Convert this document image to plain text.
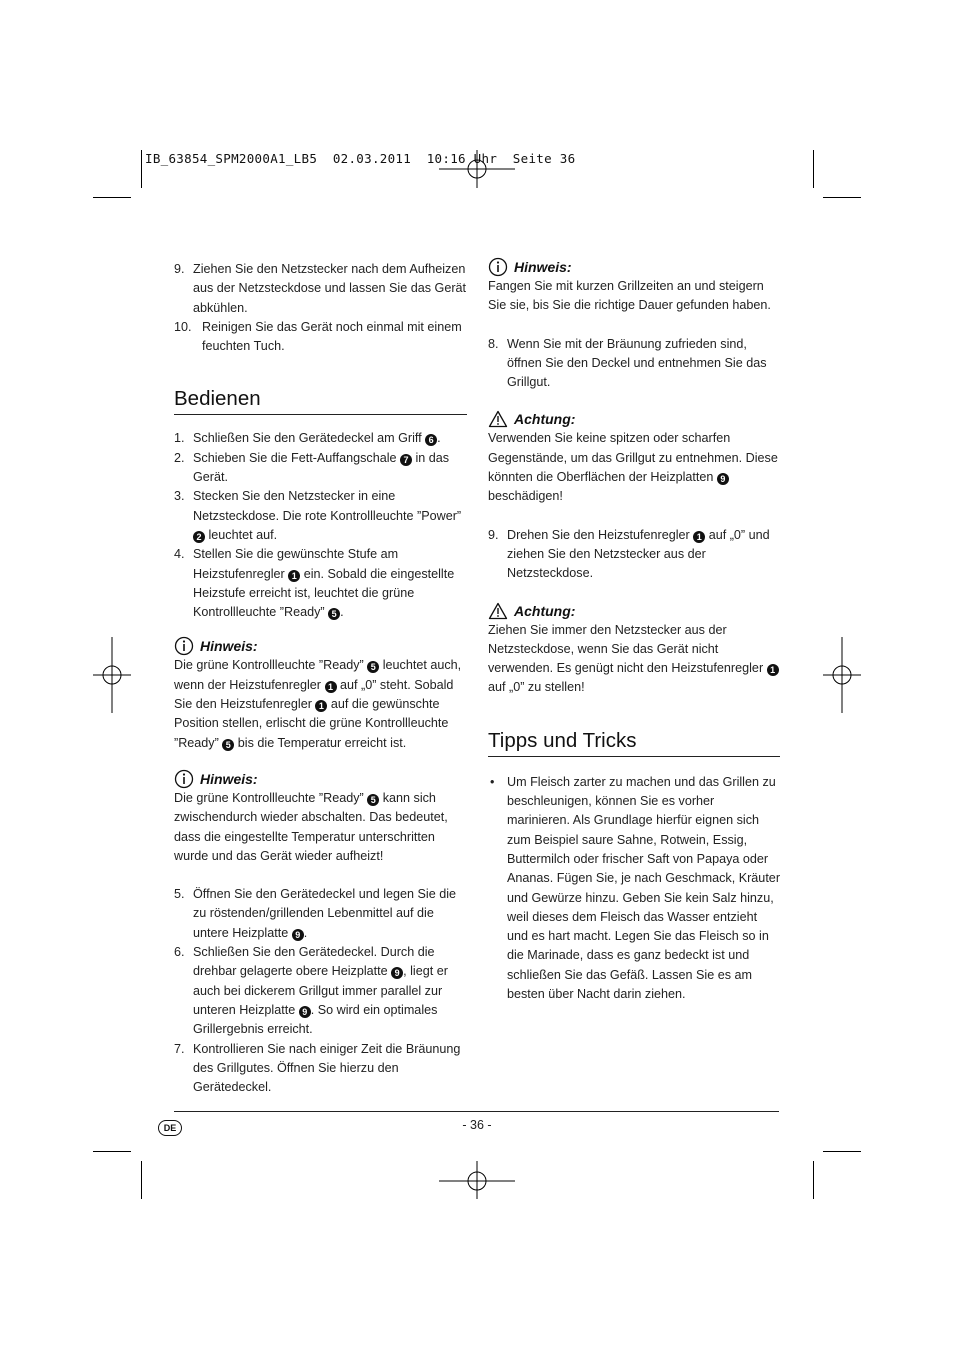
IB_63854_SPM2000A1_LB5  02.03.2011  10:16 Uhr  Seite 36
9. Ziehen Sie den Netzstecker nach dem Aufheizen aus der Netzsteckdose und lassen Sie das Gerät abkühlen.
10. Reinigen Sie das Gerät noch einmal mit einem feuchten Tuch.
Bedienen
1. Schließen Sie den Gerätedeckel am Griff 6 .
2. Schieben Sie die Fett-Auffangschale 7 in das Gerät.
3. Stecken Sie den Netzstecker in eine Netzsteckdose. Die rote Kontrollleuchte ”Power” 2 leuchtet auf.
4. Stellen Sie die gewünschte Stufe am Heizstufenregler 1 ein. Sobald die eingestellte Heizstufe erreicht ist, leuchtet die grüne Kontrollleuchte ”Ready” 5 .
Hinweis:

Die grüne Kontrollleuchte ”Ready” 5 leuchtet auch, wenn der Heizstufenregler 1 auf „0” steht. Sobald Sie den Heizstufenregler 1 auf die gewünschte Position stellen, erlischt die grüne Kontrollleuchte ”Ready” 5 bis die Temperatur erreicht ist.

Hinweis:

Die grüne Kontrollleuchte ”Ready” 5 kann sich zwischendurch wieder abschalten. Das bedeutet, dass die eingestellte Temperatur unterschritten wurde und das Gerät wieder aufheizt!

5. Öffnen Sie den Gerätedeckel und legen Sie die zu röstenden/grillenden Lebenmittel auf die untere Heizplatte 9 .
6. Schließen Sie den Gerätedeckel. Durch die drehbar gelagerte obere Heizplatte 9 , liegt er auch bei dickerem Grillgut immer parallel zur unteren Heizplatte 9 . So wird ein optimales Grillergebnis erreicht.
7. Kontrollieren Sie nach einiger Zeit die Bräunung des Grillgutes. Öffnen Sie hierzu den Gerätedeckel.
Hinweis:

Fangen Sie mit kurzen Grillzeiten an und steigern Sie sie, bis Sie die richtige Dauer gefunden haben.

8. Wenn Sie mit der Bräunung zufrieden sind, öffnen Sie den Deckel und entnehmen Sie das Grillgut.
Achtung:

Verwenden Sie keine spitzen oder scharfen Gegenstände, um das Grillgut zu entnehmen. Diese könnten die Oberflächen der Heizplatten 9 beschädigen!

9. Drehen Sie den Heizstufenregler 1 auf „0” und ziehen Sie den Netzstecker aus der Netzsteckdose.
Achtung:

Ziehen Sie immer den Netzstecker aus der Netzsteckdose, wenn Sie das Gerät nicht verwenden. Es genügt nicht den Heizstufenregler 1 auf „0” zu stellen!

Tipps und Tricks
• Um Fleisch zarter zu machen und das Grillen zu beschleunigen, können Sie es vorher marinieren. Als Grundlage hierfür eignen sich zum Beispiel saure Sahne, Rotwein, Essig, Buttermilch oder frischer Saft von Papaya oder Ananas. Fügen Sie, je nach Geschmack, Kräuter und Gewürze hinzu. Geben Sie kein Salz hinzu, weil dieses dem Fleisch das Wasser entzieht und es hart macht. Legen Sie das Fleisch so in die Marinade, dass es ganz bedeckt ist und schließen Sie das Gefäß. Lassen Sie es am besten über Nacht darin ziehen.
DE	- 36 -
